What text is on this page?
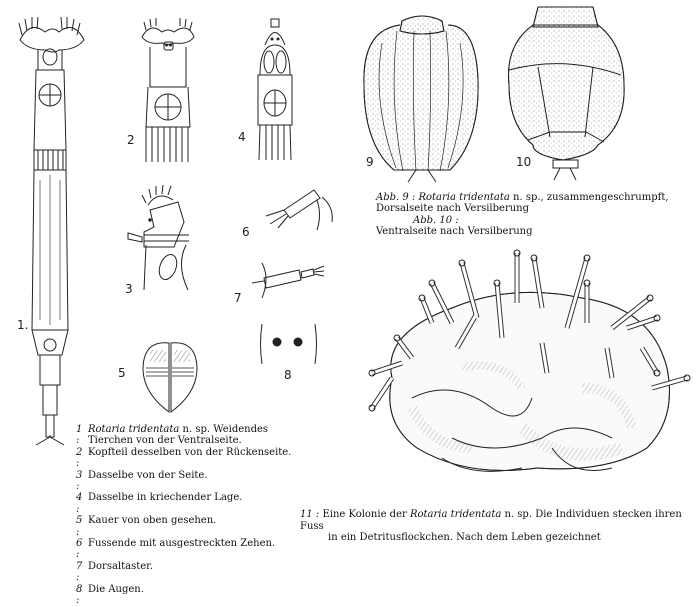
1.
2	4
3
5
6
7
8
9	10
1 :
Rotaria tridentata n. sp. Weidendes Tierchen von der Ventralseite.
2 :
Kopfteil desselben von der Rückenseite.
3 :
Dasselbe von der Seite.
4 :
Dasselbe in kriechender Lage.
5 :
Kauer von oben gesehen.
6 :
Fussende mit ausgestreckten Zehen.
7 :
Dorsaltaster.
8 :
Die Augen.
Abb. 9 : Rotaria tridentata n. sp., zusammengeschrumpft, Dorsalseite nach Versilberung
Abb. 10 :
Ventralseite nach Versilberung
11 : Eine Kolonie der Rotaria tridentata n. sp. Die Individuen stecken ihren Fuss
in ein Detritusflockchen. Nach dem Leben gezeichnet
